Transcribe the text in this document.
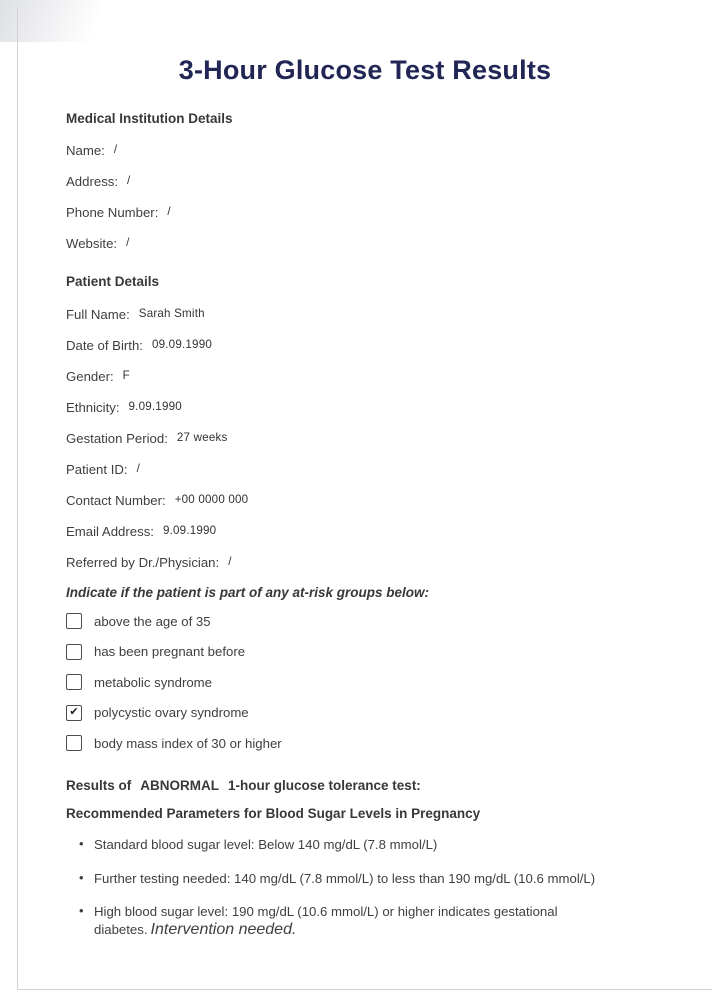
3-Hour Glucose Test Results
Medical Institution Details
Name: /
Address: /
Phone Number: /
Website: /
Patient Details
Full Name: Sarah Smith
Date of Birth: 09.09.1990
Gender: F
Ethnicity: 9.09.1990
Gestation Period: 27 weeks
Patient ID: /
Contact Number: +00 0000 000
Email Address: 9.09.1990
Referred by Dr./Physician: /
Indicate if the patient is part of any at-risk groups below:
above the age of 35
has been pregnant before
metabolic syndrome
✔ polycystic ovary syndrome
body mass index of 30 or higher
Results of ABNORMAL 1-hour glucose tolerance test:
Recommended Parameters for Blood Sugar Levels in Pregnancy
• Standard blood sugar level: Below 140 mg/dL (7.8 mmol/L)
• Further testing needed: 140 mg/dL (7.8 mmol/L) to less than 190 mg/dL (10.6 mmol/L)
• High blood sugar level: 190 mg/dL (10.6 mmol/L) or higher indicates gestational diabetes. Intervention needed.
